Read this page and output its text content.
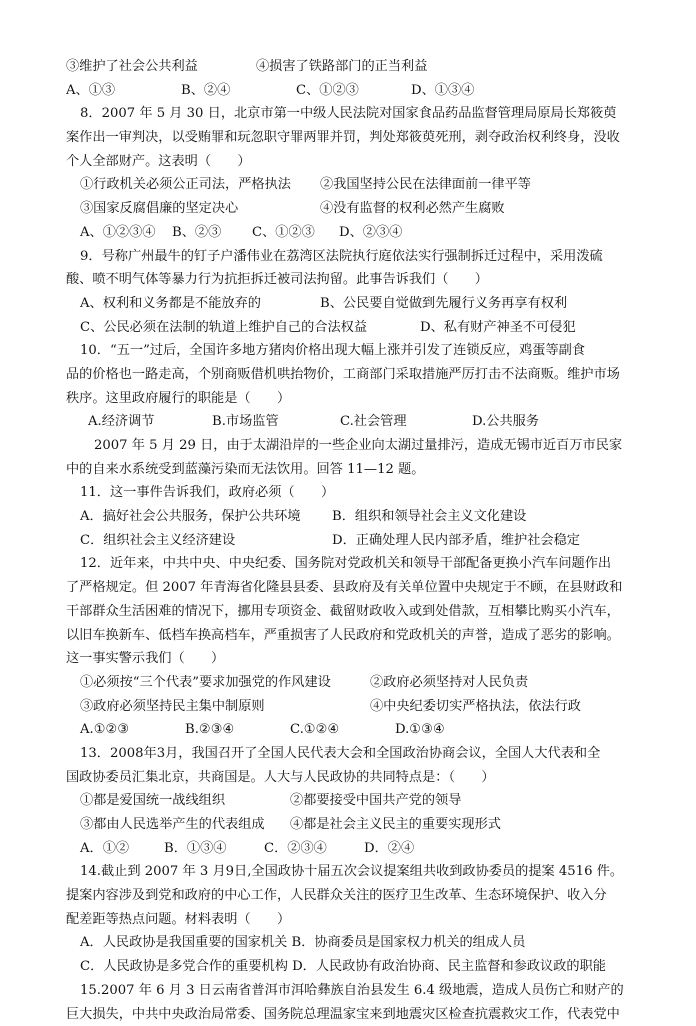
③维护了社会公共利益	④损害了铁路部门的正当利益
A、①③	B、②④	C、①②③	D、①③④
8．2007 年 5 月 30 日，北京市第一中级人民法院对国家食品药品监督管理局原局长郑筱萸
案作出一审判决，以受贿罪和玩忽职守罪两罪并罚，判处郑筱萸死刑，剥夺政治权利终身，没收
个人全部财产。这表明（　　）
①行政机关必须公正司法，严格执法	②我国坚持公民在法律面前一律平等
③国家反腐倡廉的坚定决心	④没有监督的权利必然产生腐败
A、①②③④	B、②③	C、①②③	D、②③④
9．号称广州最牛的钉子户潘伟业在荔湾区法院执行庭依法实行强制拆迁过程中，采用泼硫
酸、喷不明气体等暴力行为抗拒拆迁被司法拘留。此事告诉我们（　　）
A、权利和义务都是不能放弃的	B、公民要自觉做到先履行义务再享有权利
C、公民必须在法制的轨道上维护自己的合法权益	D、私有财产神圣不可侵犯
10．“五一”过后，全国许多地方猪肉价格出现大幅上涨并引发了连锁反应，鸡蛋等副食
品的价格也一路走高，个别商贩借机哄抬物价，工商部门采取措施严厉打击不法商贩。维护市场
秩序。这里政府履行的职能是（　　）
A.经济调节	B.市场监管	C.社会管理	D.公共服务
2007 年 5 月 29 日，由于太湖沿岸的一些企业向太湖过量排污，造成无锡市近百万市民家
中的自来水系统受到蓝藻污染而无法饮用。回答 11—12 题。
11．这一事件告诉我们，政府必须（　　）
A．搞好社会公共服务，保护公共环境	B．组织和领导社会主义文化建设
C．组织社会主义经济建设	D．正确处理人民内部矛盾，维护社会稳定
12．近年来，中共中央、中央纪委、国务院对党政机关和领导干部配备更换小汽车问题作出
了严格规定。但 2007 年青海省化隆县县委、县政府及有关单位置中央规定于不顾，在县财政和
干部群众生活困难的情况下，挪用专项资金、截留财政收入或到处借款，互相攀比购买小汽车，
以旧车换新车、低档车换高档车，严重损害了人民政府和党政机关的声誉，造成了恶劣的影响。
这一事实警示我们（　　）
①必须按“三个代表”要求加强党的作风建设	②政府必须坚持对人民负责
③政府必须坚持民主集中制原则	④中央纪委切实严格执法，依法行政
A.①②③	B.②③④	C.①②④	D.①③④
13．2008年3月，我国召开了全国人民代表大会和全国政治协商会议，全国人大代表和全
国政协委员汇集北京，共商国是。人大与人民政协的共同特点是：（　　）
①都是爱国统一战线组织	②都要接受中国共产党的领导
③都由人民选举产生的代表组成	④都是社会主义民主的重要实现形式
A．①②	B．①③④	C．②③④	D．②④
14.截止到 2007 年 3 月9日,全国政协十届五次会议提案组共收到政协委员的提案 4516 件。
提案内容涉及到党和政府的中心工作，人民群众关注的医疗卫生改革、生态环境保护、收入分
配差距等热点问题。材料表明（　　）
A．人民政协是我国重要的国家机关 B．协商委员是国家权力机关的组成人员
C．人民政协是多党合作的重要机构 D．人民政协有政治协商、民主监督和参政议政的职能
15.2007 年 6 月 3 日云南省普洱市洱哈彝族自治县发生 6.4 级地震，造成人员伤亡和财产的
巨大损失，中共中央政治局常委、国务院总理温家宝来到地震灾区检查抗震救灾工作，代表党中
